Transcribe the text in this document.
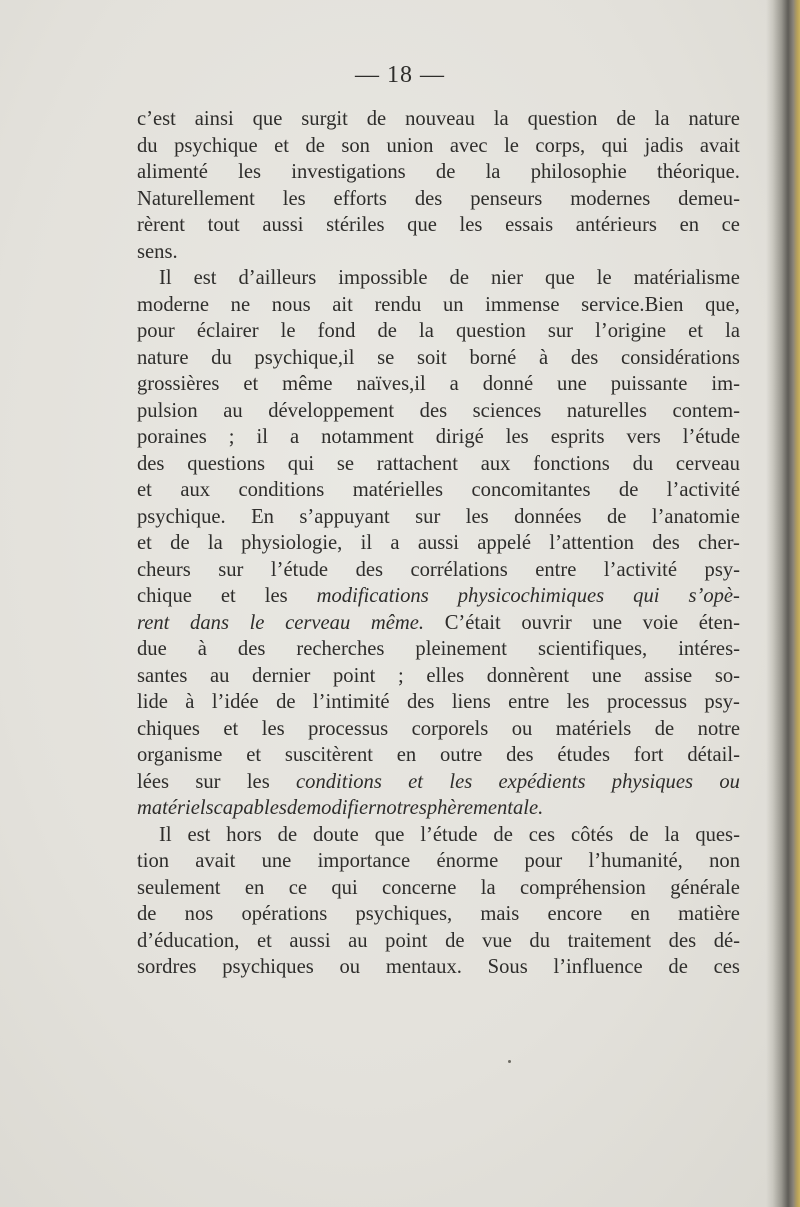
— 18 —
c’est ainsi que surgit de nouveau la question de la nature
du psychique et de son union avec le corps, qui jadis avait
alimenté les investigations de la philosophie théorique.
Naturellement les efforts des penseurs modernes demeu-
rèrent tout aussi stériles que les essais antérieurs en ce
sens.
Il est d’ailleurs impossible de nier que le matérialisme
moderne ne nous ait rendu un immense service.Bien que,
pour éclairer le fond de la question sur l’origine et la
nature du psychique,il se soit borné à des considérations
grossières et même naïves,il a donné une puissante im-
pulsion au développement des sciences naturelles contem-
poraines ; il a notamment dirigé les esprits vers l’étude
des questions qui se rattachent aux fonctions du cerveau
et aux conditions matérielles concomitantes de l’activité
psychique. En s’appuyant sur les données de l’anatomie
et de la physiologie, il a aussi appelé l’attention des cher-
cheurs sur l’étude des corrélations entre l’activité psy-
chique et les modifications physicochimiques qui s’opè-
rent dans le cerveau même. C’était ouvrir une voie éten-
due à des recherches pleinement scientifiques, intéres-
santes au dernier point ; elles donnèrent une assise so-
lide à l’idée de l’intimité des liens entre les processus psy-
chiques et les processus corporels ou matériels de notre
organisme et suscitèrent en outre des études fort détail-
lées sur les conditions et les expédients physiques ou
matériels capables de modifier notre sphère mentale.
Il est hors de doute que l’étude de ces côtés de la ques-
tion avait une importance énorme pour l’humanité, non
seulement en ce qui concerne la compréhension générale
de nos opérations psychiques, mais encore en matière
d’éducation, et aussi au point de vue du traitement des dé-
sordres psychiques ou mentaux. Sous l’influence de ces
